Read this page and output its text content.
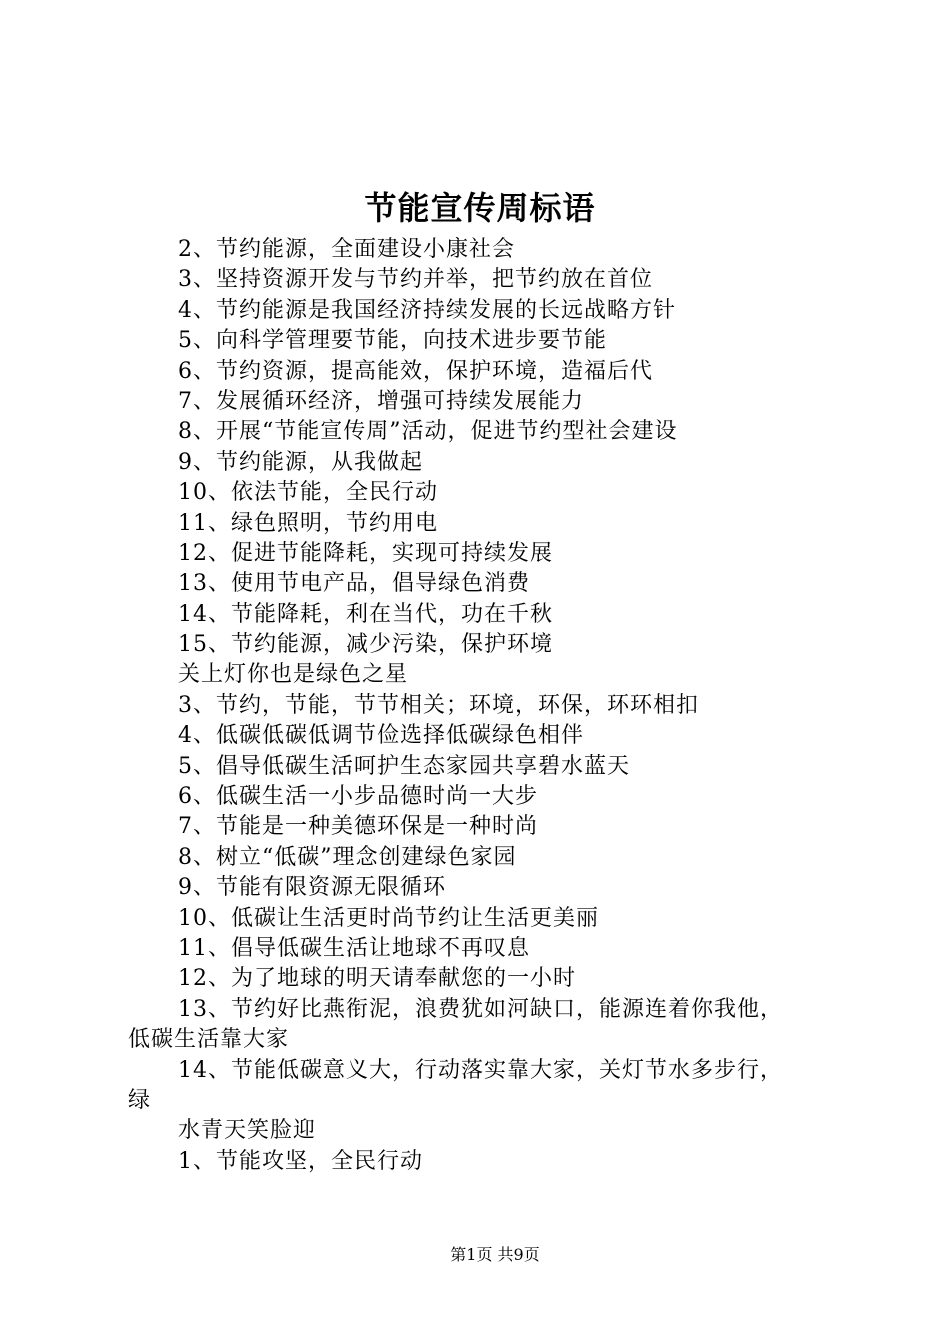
节能宣传周标语
2、节约能源，全面建设小康社会
3、坚持资源开发与节约并举，把节约放在首位
4、节约能源是我国经济持续发展的长远战略方针
5、向科学管理要节能，向技术进步要节能
6、节约资源，提高能效，保护环境，造福后代
7、发展循环经济，增强可持续发展能力
8、开展“节能宣传周”活动，促进节约型社会建设
9、节约能源，从我做起
10、依法节能，全民行动
11、绿色照明，节约用电
12、促进节能降耗，实现可持续发展
13、使用节电产品，倡导绿色消费
14、节能降耗，利在当代，功在千秋
15、节约能源，减少污染，保护环境
关上灯你也是绿色之星
3、节约，节能，节节相关；环境，环保，环环相扣
4、低碳低碳低调节俭选择低碳绿色相伴
5、倡导低碳生活呵护生态家园共享碧水蓝天
6、低碳生活一小步品德时尚一大步
7、节能是一种美德环保是一种时尚
8、树立“低碳”理念创建绿色家园
9、节能有限资源无限循环
10、低碳让生活更时尚节约让生活更美丽
11、倡导低碳生活让地球不再叹息
12、为了地球的明天请奉献您的一小时
13、节约好比燕衔泥，浪费犹如河缺口，能源连着你我他，
低碳生活靠大家
14、节能低碳意义大，行动落实靠大家，关灯节水多步行，
绿
水青天笑脸迎
1、节能攻坚，全民行动
第1页 共9页
